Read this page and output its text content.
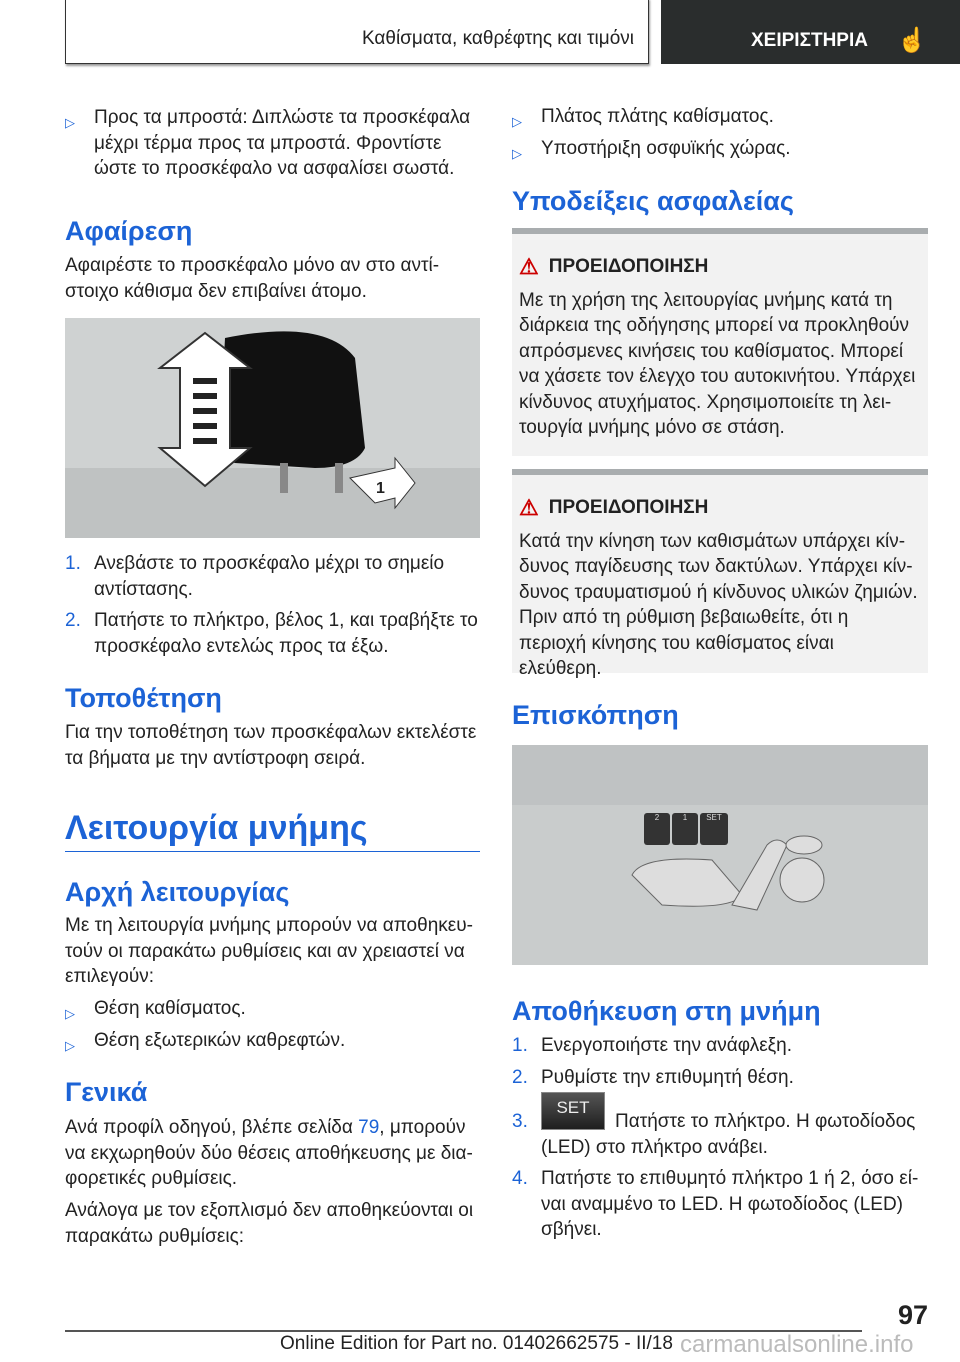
Καθίσματα, καθρέφτης και τιμόνι	ΧΕΙΡΙΣΤΗΡΙΑ ☝
▷ Προς τα μπροστά: Διπλώστε τα προσκέφαλα μέχρι τέρμα προς τα μπροστά. Φροντίστε ώστε το προσκέφαλο να ασφαλίσει σωστά.
Αφαίρεση
Αφαιρέστε το προσκέφαλο μόνο αν στο αντίστοιχο κάθισμα δεν επιβαίνει άτομο.
1
1. Ανεβάστε το προσκέφαλο μέχρι το σημείο αντίστασης.
2. Πατήστε το πλήκτρο, βέλος 1, και τραβήξτε το προσκέφαλο εντελώς προς τα έξω.
Τοποθέτηση
Για την τοποθέτηση των προσκέφαλων εκτελέστε τα βήματα με την αντίστροφη σειρά.
Λειτουργία μνήμης
Αρχή λειτουργίας
Με τη λειτουργία μνήμης μπορούν να αποθηκευτούν οι παρακάτω ρυθμίσεις και αν χρειαστεί να επιλεγούν:
▷ Θέση καθίσματος.
▷ Θέση εξωτερικών καθρεφτών.
Γενικά
Ανά προφίλ οδηγού, βλέπε σελίδα 79, μπορούν να εκχωρηθούν δύο θέσεις αποθήκευσης με διαφορετικές ρυθμίσεις.
Ανάλογα με τον εξοπλισμό δεν αποθηκεύονται οι παρακάτω ρυθμίσεις:
▷ Πλάτος πλάτης καθίσματος.
▷ Υποστήριξη οσφυϊκής χώρας.
Υποδείξεις ασφαλείας
⚠ ΠΡΟΕΙΔΟΠΟΙΗΣΗ
Με τη χρήση της λειτουργίας μνήμης κατά τη διάρκεια της οδήγησης μπορεί να προκληθούν απρόσμενες κινήσεις του καθίσματος. Μπορεί να χάσετε τον έλεγχο του αυτοκινήτου. Υπάρχει κίνδυνος ατυχήματος. Χρησιμοποιείτε τη λειτουργία μνήμης μόνο σε στάση.
⚠ ΠΡΟΕΙΔΟΠΟΙΗΣΗ
Κατά την κίνηση των καθισμάτων υπάρχει κίνδυνος παγίδευσης των δακτύλων. Υπάρχει κίνδυνος τραυματισμού ή κίνδυνος υλικών ζημιών. Πριν από τη ρύθμιση βεβαιωθείτε, ότι η περιοχή κίνησης του καθίσματος είναι ελεύθερη.
Επισκόπηση
2	1	SET
Αποθήκευση στη μνήμη
1. Ενεργοποιήστε την ανάφλεξη.
2. Ρυθμίστε την επιθυμητή θέση.
3.
SETΠατήστε το πλήκτρο. Η φωτοδίοδος (LED) στο πλήκτρο ανάβει.
4. Πατήστε το επιθυμητό πλήκτρο 1 ή 2, όσο είναι αναμμένο το LED. Η φωτοδίοδος (LED) σβήνει.
97
Online Edition for Part no. 01402662575 - II/18 carmanualsonline.info
